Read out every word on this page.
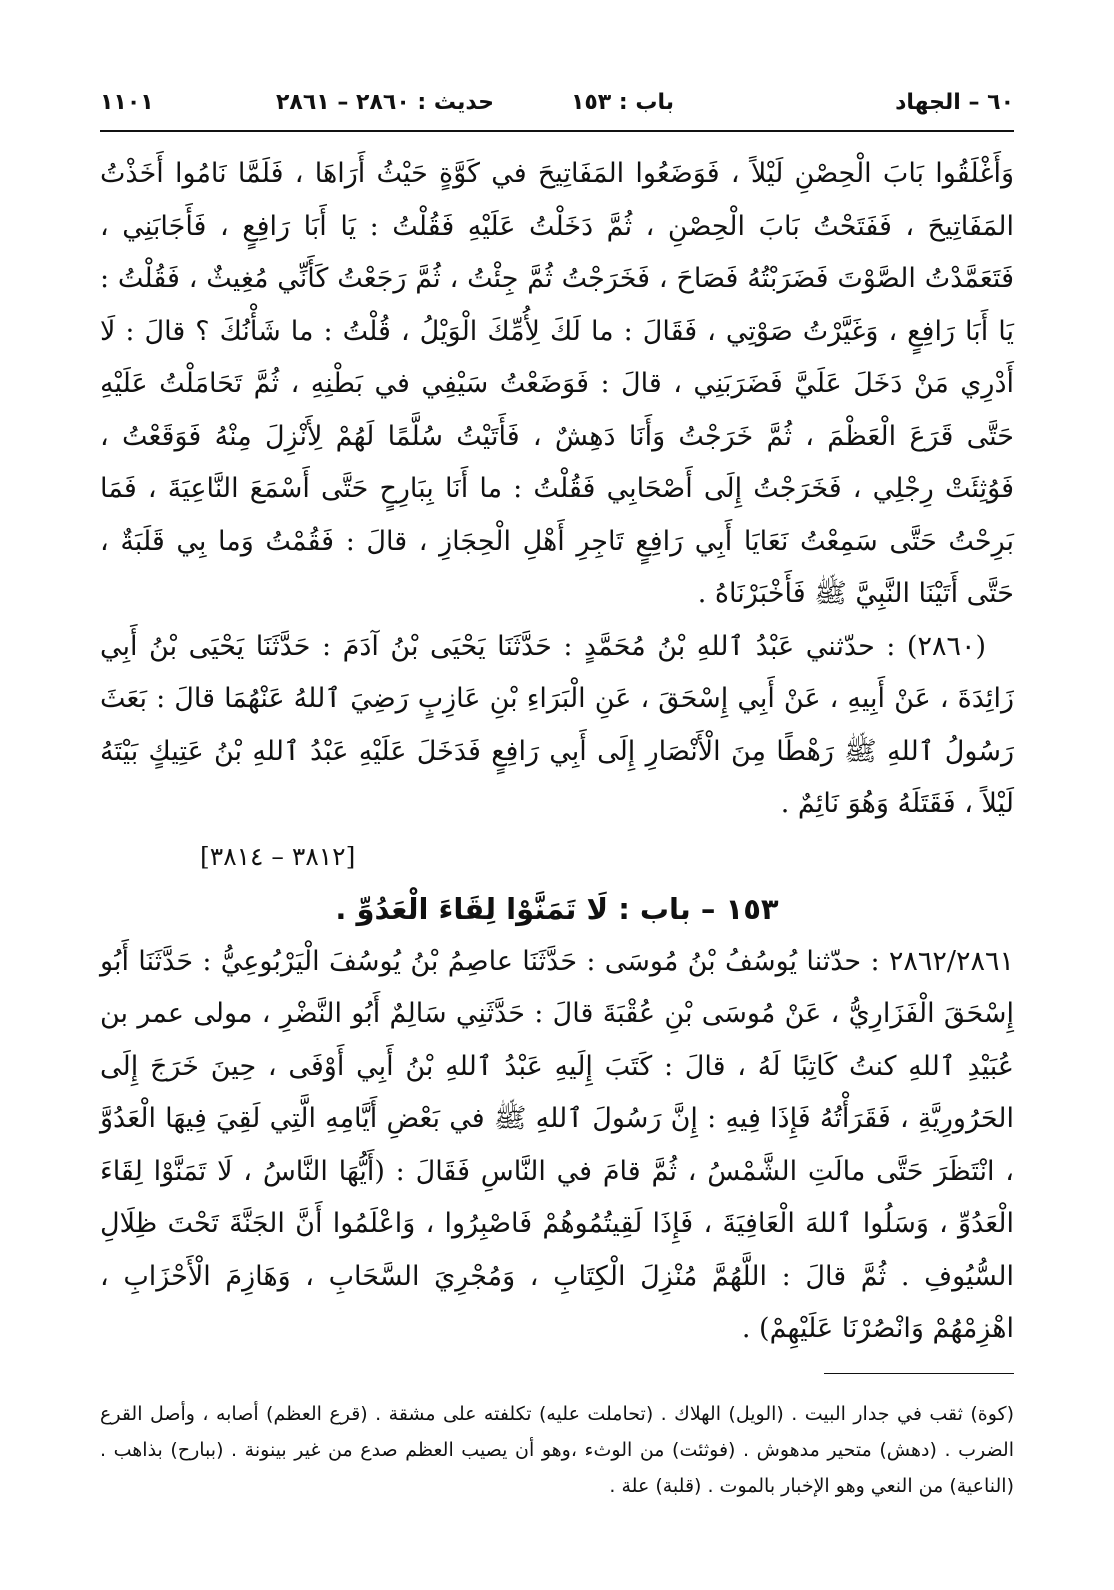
٦٠ – الجهاد
باب : ١٥٣
حديث : ٢٨٦٠ – ٢٨٦١
١١٠١

وَأَغْلَقُوا بَابَ الْحِصْنِ لَيْلاً ، فَوَضَعُوا المَفَاتِيحَ في كَوَّةٍ حَيْثُ أَرَاهَا ، فَلَمَّا نَامُوا أَخَذْتُ المَفَاتِيحَ ، فَفَتَحْتُ بَابَ الْحِصْنِ ، ثُمَّ دَخَلْتُ عَلَيْهِ فَقُلْتُ : يَا أَبَا رَافِعٍ ، فَأَجَابَنِي ، فَتَعَمَّدْتُ الصَّوْتَ فَضَرَبْتُهُ فَصَاحَ ، فَخَرَجْتُ ثُمَّ جِئْتُ ، ثُمَّ رَجَعْتُ كَأَنِّي مُغِيثٌ ، فَقُلْتُ : يَا أَبَا رَافِعٍ ، وَغَيَّرْتُ صَوْتِي ، فَقَالَ : ما لَكَ لِأُمِّكَ الْوَيْلُ ، قُلْتُ : ما شَأْنُكَ ؟ قالَ : لَا أَدْرِي مَنْ دَخَلَ عَلَيَّ فَضَرَبَنِي ، قالَ : فَوَضَعْتُ سَيْفِي في بَطْنِهِ ، ثُمَّ تَحَامَلْتُ عَلَيْهِ حَتَّى قَرَعَ الْعَظْمَ ، ثُمَّ خَرَجْتُ وَأَنَا دَهِشٌ ، فَأَتَيْتُ سُلَّمًا لَهُمْ لِأَنْزِلَ مِنْهُ فَوَقَعْتُ ، فَوُثِئَتْ رِجْلِي ، فَخَرَجْتُ إِلَى أَصْحَابِي فَقُلْتُ : ما أَنَا بِبَارِحٍ حَتَّى أَسْمَعَ النَّاعِيَةَ ، فَمَا بَرِحْتُ حَتَّى سَمِعْتُ نَعَايَا أَبِي رَافِعٍ تَاجِرِ أَهْلِ الْحِجَازِ ، قالَ : فَقُمْتُ وَما بِي قَلَبَةٌ ، حَتَّى أَتَيْنَا النَّبِيَّ ﷺ فَأَخْبَرْنَاهُ .

(٢٨٦٠) : حدّثني عَبْدُ ٱللهِ بْنُ مُحَمَّدٍ : حَدَّثَنَا يَحْيَى بْنُ آدَمَ : حَدَّثَنَا يَحْيَى بْنُ أَبِي زَائِدَةَ ، عَنْ أَبِيهِ ، عَنْ أَبِي إِسْحَقَ ، عَنِ الْبَرَاءِ بْنِ عَازِبٍ رَضِيَ ٱللهُ عَنْهُمَا قالَ : بَعَثَ رَسُولُ ٱللهِ ﷺ رَهْطًا مِنَ الْأَنْصَارِ إِلَى أَبِي رَافِعٍ فَدَخَلَ عَلَيْهِ عَبْدُ ٱللهِ بْنُ عَتِيكٍ بَيْتَهُ لَيْلاً ، فَقَتَلَهُ وَهُوَ نَائِمٌ .

[٣٨١٢ – ٣٨١٤]

١٥٣ – باب : لَا تَمَنَّوْا لِقَاءَ الْعَدُوِّ .

٢٨٦٢/٢٨٦١ : حدّثنا يُوسُفُ بْنُ مُوسَى : حَدَّثَنَا عاصِمُ بْنُ يُوسُفَ الْيَرْبُوعِيُّ : حَدَّثَنَا أَبُو إِسْحَقَ الْفَزَارِيُّ ، عَنْ مُوسَى بْنِ عُقْبَةَ قالَ : حَدَّثَنِي سَالِمٌ أَبُو النَّضْرِ ، مولى عمر بن عُبَيْدِ ٱللهِ كنتُ كَاتِبًا لَهُ ، قالَ : كَتَبَ إِلَيهِ عَبْدُ ٱللهِ بْنُ أَبِي أَوْفَى ، حِينَ خَرَجَ إِلَى الحَرُورِيَّةِ ، فَقَرَأْتُهُ فَإِذَا فِيهِ : إِنَّ رَسُولَ ٱللهِ ﷺ في بَعْضِ أَيَّامِهِ الَّتِي لَقِيَ فِيهَا الْعَدُوَّ ، انْتَظَرَ حَتَّى مالَتِ الشَّمْسُ ، ثُمَّ قامَ في النَّاسِ فَقَالَ : (أَيُّهَا النَّاسُ ، لَا تَمَنَّوْا لِقَاءَ الْعَدُوِّ ، وَسَلُوا ٱللهَ الْعَافِيَةَ ، فَإِذَا لَقِيتُمُوهُمْ فَاصْبِرُوا ، وَاعْلَمُوا أَنَّ الجَنَّةَ تَحْتَ ظِلَالِ السُّيُوفِ . ثُمَّ قالَ : اللَّهُمَّ مُنْزِلَ الْكِتَابِ ، وَمُجْرِيَ السَّحَابِ ، وَهَازِمَ الْأَحْزَابِ ، اهْزِمْهُمْ وَانْصُرْنَا عَلَيْهِمْ) .

(كوة) ثقب في جدار البيت . (الويل) الهلاك . (تحاملت عليه) تكلفته على مشقة . (قرع العظم) أصابه ، وأصل القرع الضرب . (دهش) متحير مدهوش . (فوثئت) من الوثء ،وهو أن يصيب العظم صدع من غير بينونة . (ببارح) بذاهب . (الناعية) من النعي وهو الإخبار بالموت . (قلبة) علة .
